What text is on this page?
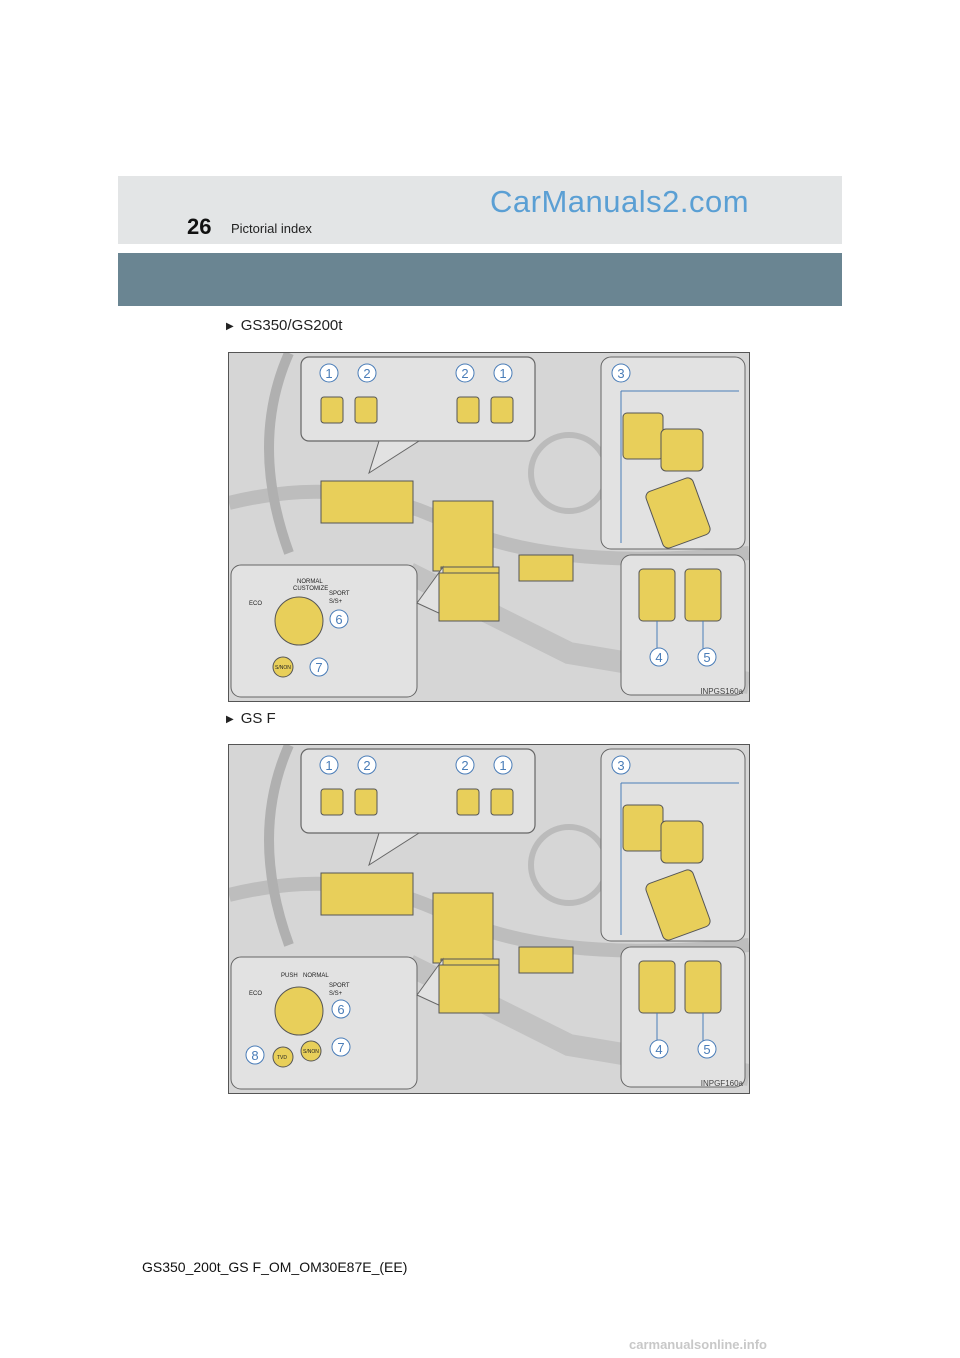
26 Pictorial index
CarManuals2.com
▶ GS350/GS200t
NORMAL
CUSTOMIZE
ECO
SPORT
S/S+
S/NON
1 2	2 1	3
6
7
4	5
INPGS160a
▶ GS F
PUSH NORMAL
ECO
SPORT
S/S+
TVD
S/NON
1 2	2 1	3
6
7
8	4	5
INPGF160a
GS350_200t_GS F_OM_OM30E87E_(EE)
carmanualsonline.info
